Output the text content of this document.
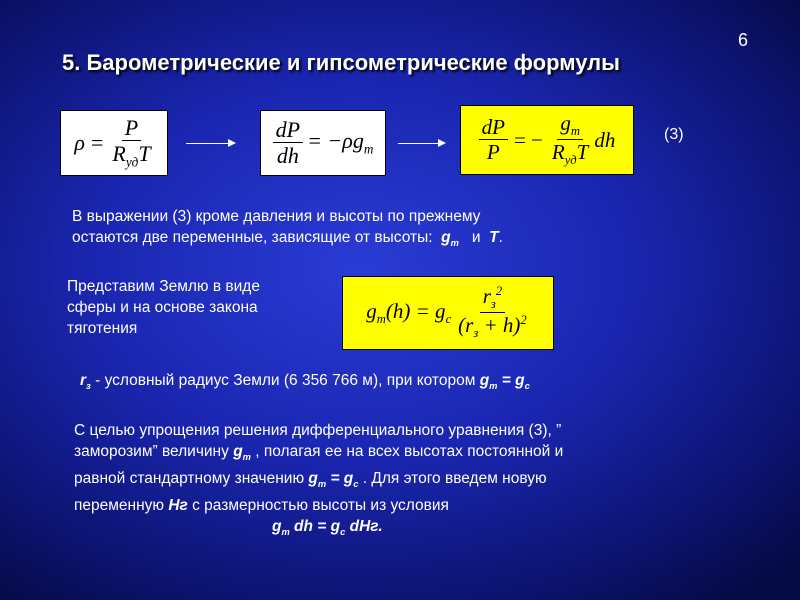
6
5. Барометрические и гипсометрические формулы
$\rho = \frac{P}{R_{уд}T}$	$\frac{dP}{dh} = -\rho g_m$	$\frac{dP}{P}$ = − $\frac{g_m}{R_{уд}T}$ dh	(3)
В выражении (3) кроме давления и высоты по прежнему
остаются две переменные, зависящие от высоты: $g_m$ и T.
Представим Землю в виде
сферы и на основе закона
тяготения
$g_m(h) = g_c \frac{r_з^2}{(r_з + h)^2}$
$r_з$ - условный радиус Земли (6 356 766 м), при котором $g_m = g_c$
С целью упрощения решения дифференциального уравнения (3), ”
заморозим” величину $g_m$ , полагая ее на всех высотах постоянной и
равной стандартному значению $g_m = g_c$ . Для этого введем новую
переменную Hг с размерностью высоты из условия
$g_m$ dh = $g_c$ dHг.
